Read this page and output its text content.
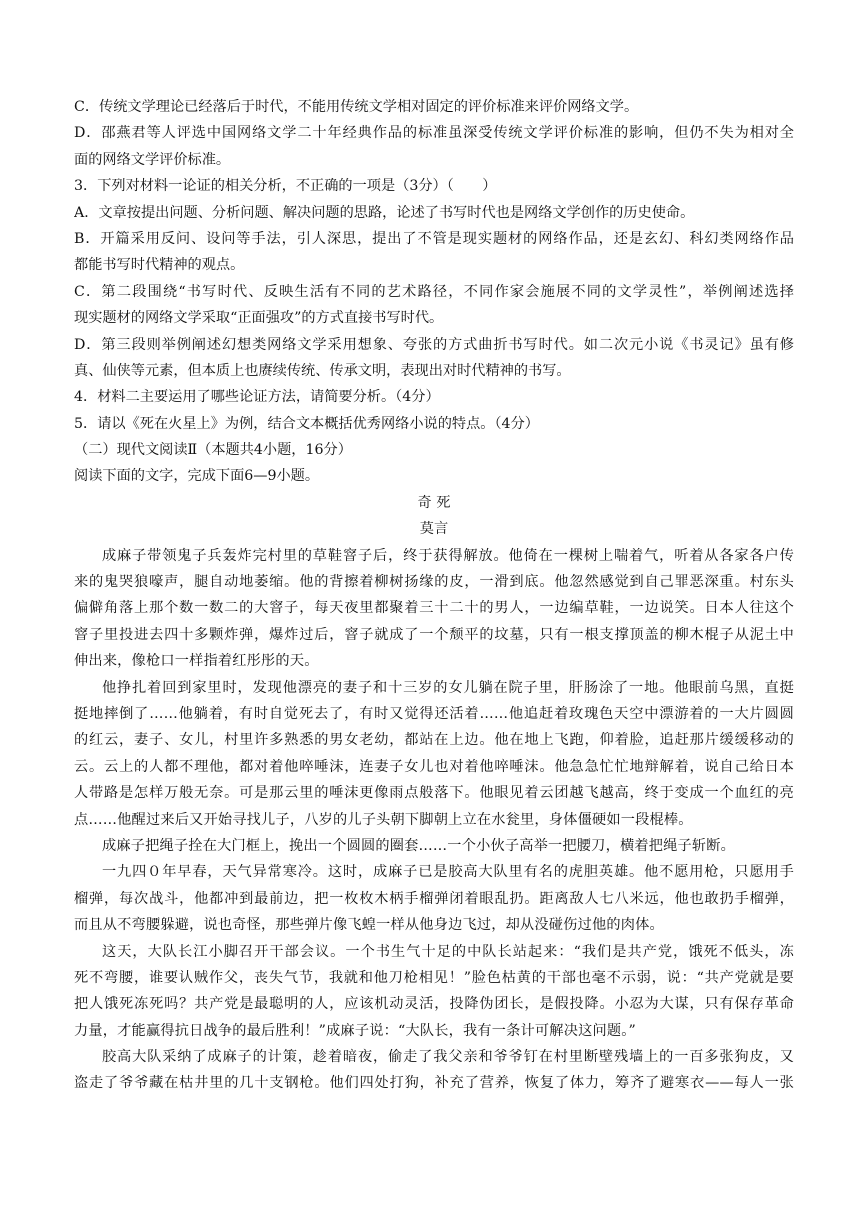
C．传统文学理论已经落后于时代，不能用传统文学相对固定的评价标准来评价网络文学。
D．邵燕君等人评选中国网络文学二十年经典作品的标准虽深受传统文学评价标准的影响，但仍不失为相对全
面的网络文学评价标准。
3．下列对材料一论证的相关分析，不正确的一项是（3分）（　　）
A．文章按提出问题、分析问题、解决问题的思路，论述了书写时代也是网络文学创作的历史使命。
B．开篇采用反问、设问等手法，引人深思，提出了不管是现实题材的网络作品，还是玄幻、科幻类网络作品
都能书写时代精神的观点。
C．第二段围绕“书写时代、反映生活有不同的艺术路径，不同作家会施展不同的文学灵性”，举例阐述选择
现实题材的网络文学采取“正面强攻”的方式直接书写时代。
D．第三段则举例阐述幻想类网络文学采用想象、夸张的方式曲折书写时代。如二次元小说《书灵记》虽有修
真、仙侠等元素，但本质上也赓续传统、传承文明，表现出对时代精神的书写。
4．材料二主要运用了哪些论证方法，请简要分析。（4分）
5．请以《死在火星上》为例，结合文本概括优秀网络小说的特点。（4分）
（二）现代文阅读Ⅱ（本题共4小题，16分）
阅读下面的文字，完成下面6—9小题。
奇 死
莫言
成麻子带领鬼子兵轰炸完村里的草鞋窨子后，终于获得解放。他倚在一棵树上喘着气，听着从各家各户传
来的鬼哭狼嚎声，腿自动地萎缩。他的背擦着柳树扬缘的皮，一滑到底。他忽然感觉到自己罪恶深重。村东头
偏僻角落上那个数一数二的大窨子，每天夜里都聚着三十二十的男人，一边编草鞋，一边说笑。日本人往这个
窨子里投进去四十多颗炸弹，爆炸过后，窨子就成了一个颓平的坟墓，只有一根支撑顶盖的柳木棍子从泥土中
伸出来，像枪口一样指着红彤彤的天。
他挣扎着回到家里时，发现他漂亮的妻子和十三岁的女儿躺在院子里，肝肠涂了一地。他眼前乌黑，直挺
挺地摔倒了……他躺着，有时自觉死去了，有时又觉得还活着……他追赶着玫瑰色天空中漂游着的一大片圆圆
的红云，妻子、女儿，村里许多熟悉的男女老幼，都站在上边。他在地上飞跑，仰着脸，追赶那片缓缓移动的
云。云上的人都不理他，都对着他啐唾沫，连妻子女儿也对着他啐唾沫。他急急忙忙地辩解着，说自己给日本
人带路是怎样万般无奈。可是那云里的唾沫更像雨点般落下。他眼见着云团越飞越高，终于变成一个血红的亮
点……他醒过来后又开始寻找儿子，八岁的儿子头朝下脚朝上立在水瓮里，身体僵硬如一段棍棒。
成麻子把绳子拴在大门框上，挽出一个圆圆的圈套……一个小伙子高举一把腰刀，横着把绳子斩断。
一九四０年早春，天气异常寒冷。这时，成麻子已是胶高大队里有名的虎胆英雄。他不愿用枪，只愿用手
榴弹，每次战斗，他都冲到最前边，把一枚枚木柄手榴弹闭着眼乱扔。距离敌人七八米远，他也敢扔手榴弹，
而且从不弯腰躲避，说也奇怪，那些弹片像飞蝗一样从他身边飞过，却从没碰伤过他的肉体。
这天，大队长江小脚召开干部会议。一个书生气十足的中队长站起来：“我们是共产党，饿死不低头，冻
死不弯腰，谁要认贼作父，丧失气节，我就和他刀枪相见！”脸色枯黄的干部也毫不示弱，说：“共产党就是要
把人饿死冻死吗？共产党是最聪明的人，应该机动灵活，投降伪团长，是假投降。小忍为大谋，只有保存革命
力量，才能赢得抗日战争的最后胜利！”成麻子说：“大队长，我有一条计可解决这问题。”
胶高大队采纳了成麻子的计策，趁着暗夜，偷走了我父亲和爷爷钉在村里断壁残墙上的一百多张狗皮，又
盗走了爷爷藏在枯井里的几十支钢枪。他们四处打狗，补充了营养，恢复了体力，筹齐了避寒衣——每人一张
